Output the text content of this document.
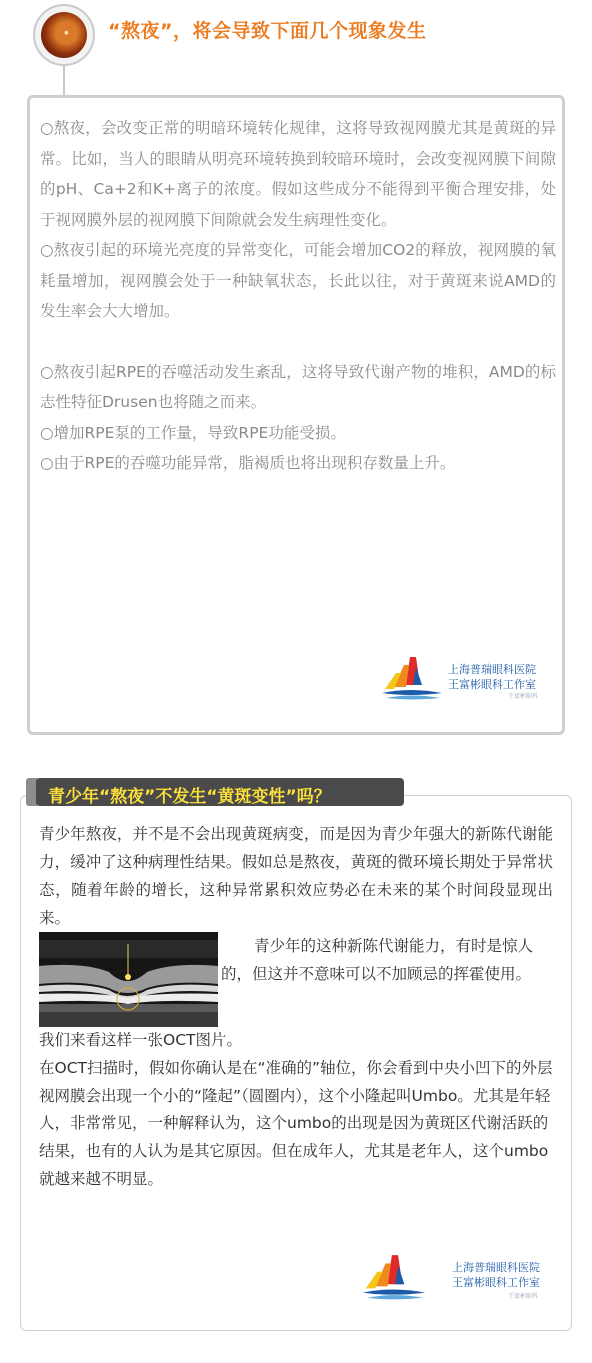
“熬夜”，将会导致下面几个现象发生

○熬夜，会改变正常的明暗环境转化规律，这将导致视网膜尤其是黄斑的异常。比如，当人的眼睛从明亮环境转换到较暗环境时，会改变视网膜下间隙的pH、Ca+2和K+离子的浓度。假如这些成分不能得到平衡合理安排，处于视网膜外层的视网膜下间隙就会发生病理性变化。

○熬夜引起的环境光亮度的异常变化，可能会增加CO2的释放，视网膜的氧耗量增加，视网膜会处于一种缺氧状态，长此以往，对于黄斑来说AMD的发生率会大大增加。

○熬夜引起RPE的吞噬活动发生紊乱，这将导致代谢产物的堆积，AMD的标志性特征Drusen也将随之而来。

○增加RPE泵的工作量，导致RPE功能受损。

○由于RPE的吞噬功能异常，脂褐质也将出现积存数量上升。

上海普瑞眼科医院
王富彬眼科工作室
王富彬眼科
青少年“熬夜”不发生“黄斑变性”吗？

青少年熬夜，并不是不会出现黄斑病变，而是因为青少年强大的新陈代谢能力，缓冲了这种病理性结果。假如总是熬夜，黄斑的微环境长期处于异常状态，随着年龄的增长，这种异常累积效应势必在未来的某个时间段显现出来。

青少年的这种新陈代谢能力，有时是惊人的，但这并不意味可以不加顾忌的挥霍使用。

我们来看这样一张OCT图片。

在OCT扫描时，假如你确认是在“准确的”轴位，你会看到中央小凹下的外层视网膜会出现一个小的“隆起”（圆圈内），这个小隆起叫Umbo。尤其是年轻人，非常常见，一种解释认为，这个umbo的出现是因为黄斑区代谢活跃的结果，也有的人认为是其它原因。但在成年人，尤其是老年人，这个umbo就越来越不明显。

上海普瑞眼科医院
王富彬眼科工作室
王富彬眼科
